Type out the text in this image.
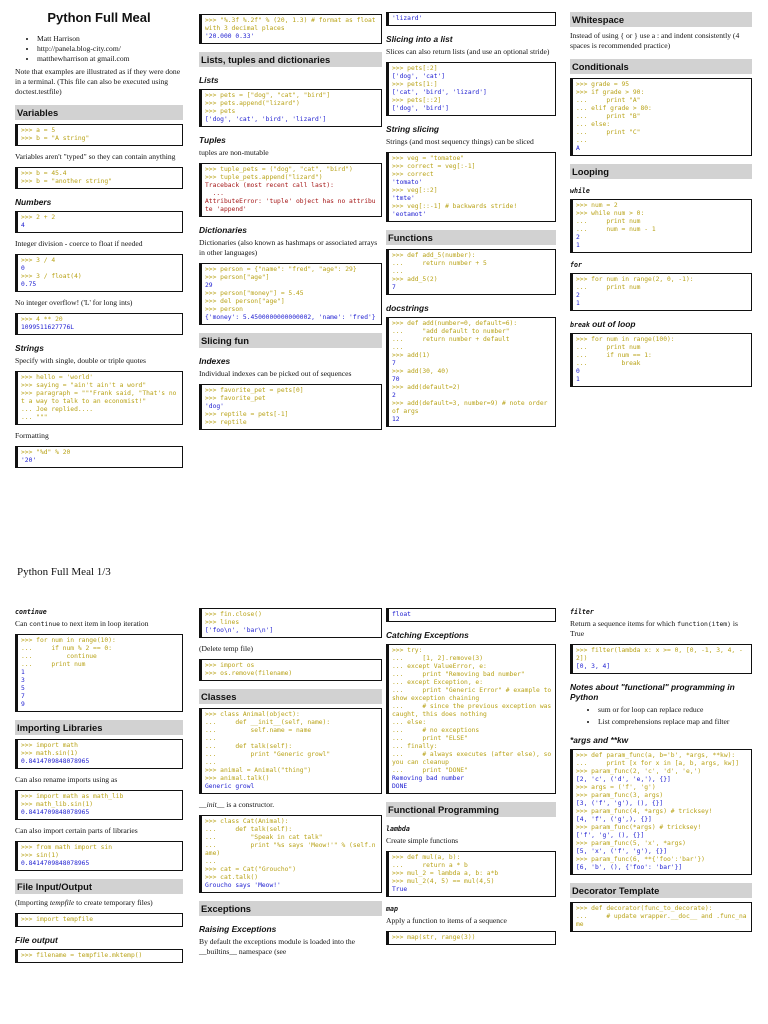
Python Full Meal
• Matt Harrison
• http://panela.blog-city.com/
• matthewharrison at gmail.com

Note that examples are illustrated as if they were done in a terminal. (This file can also be executed using doctest.testfile)

Variables
>>> a = 5
>>> b = "A string"

Variables aren't "typed" so they can contain anything

>>> b = 45.4
>>> b = "another string"
Numbers
>>> 2 + 2
4

Integer division - coerce to float if needed

>>> 3 / 4
0
>>> 3 / float(4)
0.75

No integer overflow! ('L' for long ints)

>>> 4 ** 20
1099511627776L
Strings

Specify with single, double or triple quotes

>>> hello = 'world'
>>> saying = "ain't ain't a word"
>>> paragraph = """Frank said, "That's not a way to talk to an economist!"
... Joe replied....
... """

Formatting

>>> "%d" % 20
'20'
>>> "%.3f %.2f" % (20, 1.3) # format as float with 3 decimal places
'20.000 0.33'
Lists, tuples and dictionaries
Lists
>>> pets = ["dog", "cat", "bird"]
>>> pets.append("lizard")
>>> pets
['dog', 'cat', 'bird', 'lizard']
Tuples

tuples are non-mutable

>>> tuple_pets = ("dog", "cat", "bird")
>>> tuple_pets.append("lizard")
Traceback (most recent call last):
...
AttributeError: 'tuple' object has no attribute 'append'
Dictionaries

Dictionaries (also known as hashmaps or associated arrays in other languages)

>>> person = {"name": "fred", "age": 29}
>>> person["age"]
29
>>> person["money"] = 5.45
>>> del person["age"]
>>> person
{'money': 5.4500000000000002, 'name': 'fred'}
Slicing fun
Indexes

Individual indexes can be picked out of sequences

>>> favorite_pet = pets[0]
>>> favorite_pet
'dog'
>>> reptile = pets[-1]
>>> reptile
'lizard'
Slicing into a list

Slices can also return lists (and use an optional stride)

>>> pets[:2]
['dog', 'cat']
>>> pets[1:]
['cat', 'bird', 'lizard']
>>> pets[::2]
['dog', 'bird']
String slicing

Strings (and most sequency things) can be sliced

>>> veg = "tomatoe"
>>> correct = veg[:-1]
>>> correct
'tomato'
>>> veg[::2]
'tmte'
>>> veg[::-1] # backwards stride!
'eotamot'
Functions
>>> def add_5(number):
...     return number + 5
...
>>> add_5(2)
7
docstrings
>>> def add(number=0, default=6):
...     "add default to number"
...     return number + default
...
>>> add(1)
7
>>> add(30, 40)
70
>>> add(default=2)
2
>>> add(default=3, number=9) # note order of args
12
Whitespace

Instead of using { or } use a : and indent consistently (4 spaces is recommended practice)

Conditionals
>>> grade = 95
>>> if grade > 90:
...     print "A"
... elif grade > 80:
...     print "B"
... else:
...     print "C"
...
A
Looping
while
>>> num = 2
>>> while num > 0:
...     print num
...     num = num - 1
2
1
for
>>> for num in range(2, 0, -1):
...     print num
2
1
break out of loop
>>> for num in range(100):
...     print num
...     if num == 1:
...         break
0
1
Python Full Meal 1/3
continue

Can continue to next item in loop iteration

>>> for num in range(10):
...     if num % 2 == 0:
...         continue
...     print num
1
3
5
7
9
Importing Libraries
>>> import math
>>> math.sin(1)
0.8414709848078965

Can also rename imports using as

>>> import math as math_lib
>>> math_lib.sin(1)
0.8414709848078965

Can also import certain parts of libraries

>>> from math import sin
>>> sin(1)
0.8414709848078965
File Input/Output

(Importing tempfile to create temporary files)

>>> import tempfile
File output
>>> filename = tempfile.mktemp()
>>> fin.close()
>>> lines
['foo\n', 'bar\n']

(Delete temp file)

>>> import os
>>> os.remove(filename)
Classes
>>> class Animal(object):
...     def __init__(self, name):
...         self.name = name
...
...     def talk(self):
...         print "Generic growl"
...
>>> animal = Animal("thing")
>>> animal.talk()
Generic growl

__init__ is a constructor.

>>> class Cat(Animal):
...     def talk(self):
...         "Speak in cat talk"
...         print "%s says 'Meow!'" % (self.name)
...
>>> cat = Cat("Groucho")
>>> cat.talk()
Groucho says 'Meow!'
Exceptions
Raising Exceptions

By default the exceptions module is loaded into the __builtins__ namespace (see

float
Catching Exceptions
>>> try:
...     [1, 2].remove(3)
... except ValueError, e:
...     print "Removing bad number"
... except Exception, e:
...     print "Generic Error" # example to show exception chaining
...     # since the previous exception was caught, this does nothing
... else:
...     # no exceptions
...     print "ELSE"
... finally:
...     # always executes (after else), so you can cleanup
...     print "DONE"
Removing bad number
DONE
Functional Programming
lambda

Create simple functions

>>> def mul(a, b):
...     return a * b
>>> mul_2 = lambda a, b: a*b
>>> mul_2(4, 5) == mul(4,5)
True
map

Apply a function to items of a sequence

>>> map(str, range(3))
filter

Return a sequence items for which function(item) is True

>>> filter(lambda x: x >= 0, [0, -1, 3, 4, -2])
[0, 3, 4]
Notes about "functional" programming in Python
• sum or for loop can replace reduce
• List comprehensions replace map and filter
*args and **kw
>>> def param_func(a, b='b', *args, **kw):
...     print [x for x in [a, b, args, kw]]
>>> param_func(2, 'c', 'd', 'e,')
[2, 'c', ('d', 'e,'), {}]
>>> args = ('f', 'g')
>>> param_func(3, args)
[3, ('f', 'g'), (), {}]
>>> param_func(4, *args) # tricksey!
[4, 'f', ('g',), {}]
>>> param_func(*args) # tricksey!
['f', 'g', (), {}]
>>> param_func(5, 'x', *args)
[5, 'x', ('f', 'g'), {}]
>>> param_func(6, **{'foo':'bar'})
[6, 'b', (), {'foo': 'bar'}]
Decorator Template
>>> def decorator(func_to_decorate):
...     # update wrapper.__doc__ and .func_name
